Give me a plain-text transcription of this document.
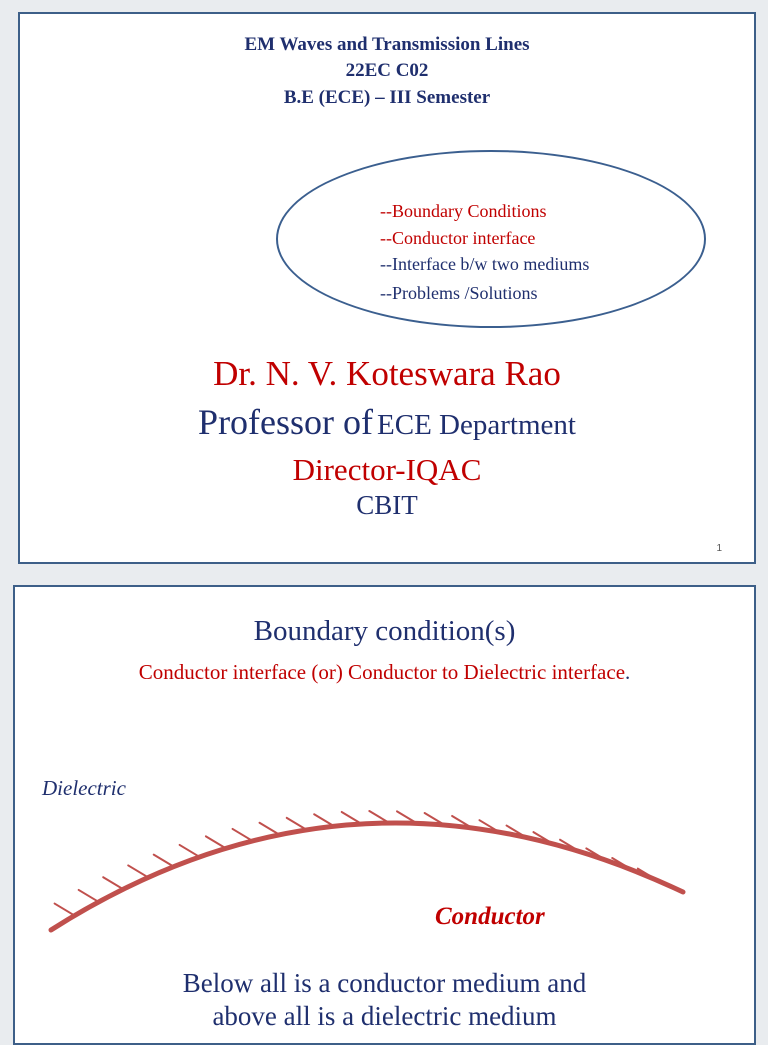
EM Waves and Transmission Lines
22EC C02
B.E (ECE) – III Semester
--Boundary Conditions
--Conductor interface
--Interface b/w two mediums
--Problems /Solutions
Dr. N. V. Koteswara Rao
Professor of ECE Department
Director-IQAC
CBIT
1
Boundary condition(s)
Conductor interface (or) Conductor to Dielectric interface.
Dielectric
Conductor
Below all is a conductor medium and
above all is a dielectric medium
